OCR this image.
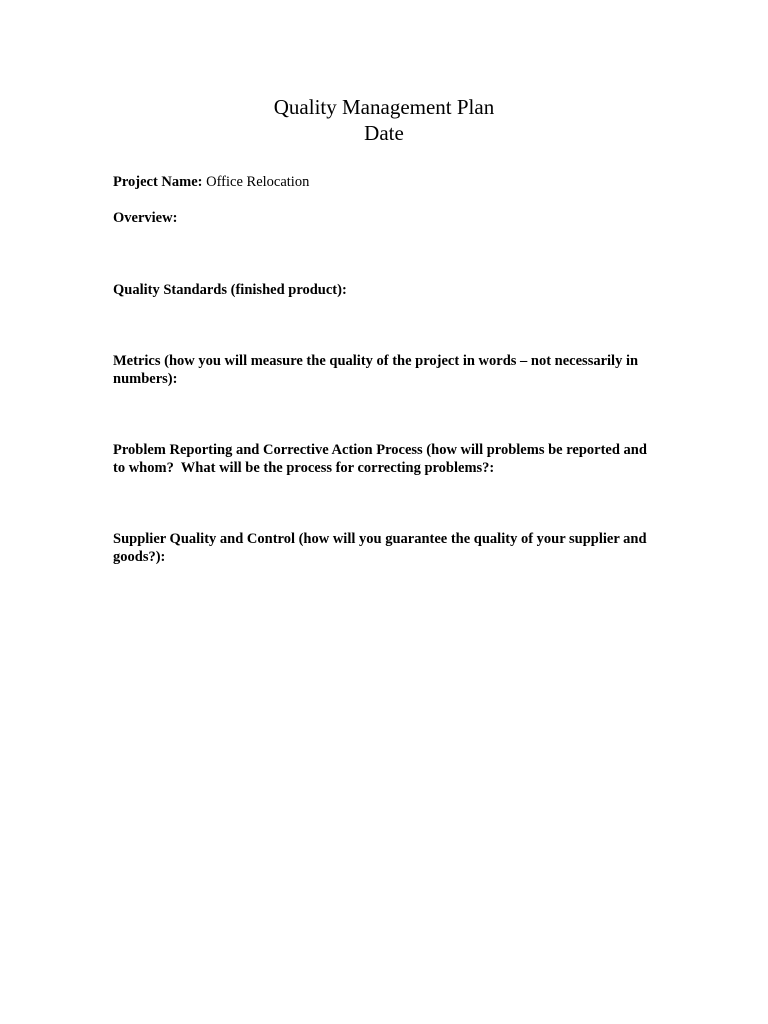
Quality Management Plan
Date

Project Name: Office Relocation

Overview:

Quality Standards (finished product):

Metrics (how you will measure the quality of the project in words – not necessarily in numbers):

Problem Reporting and Corrective Action Process (how will problems be reported and to whom?  What will be the process for correcting problems?:

Supplier Quality and Control (how will you guarantee the quality of your supplier and goods?):
